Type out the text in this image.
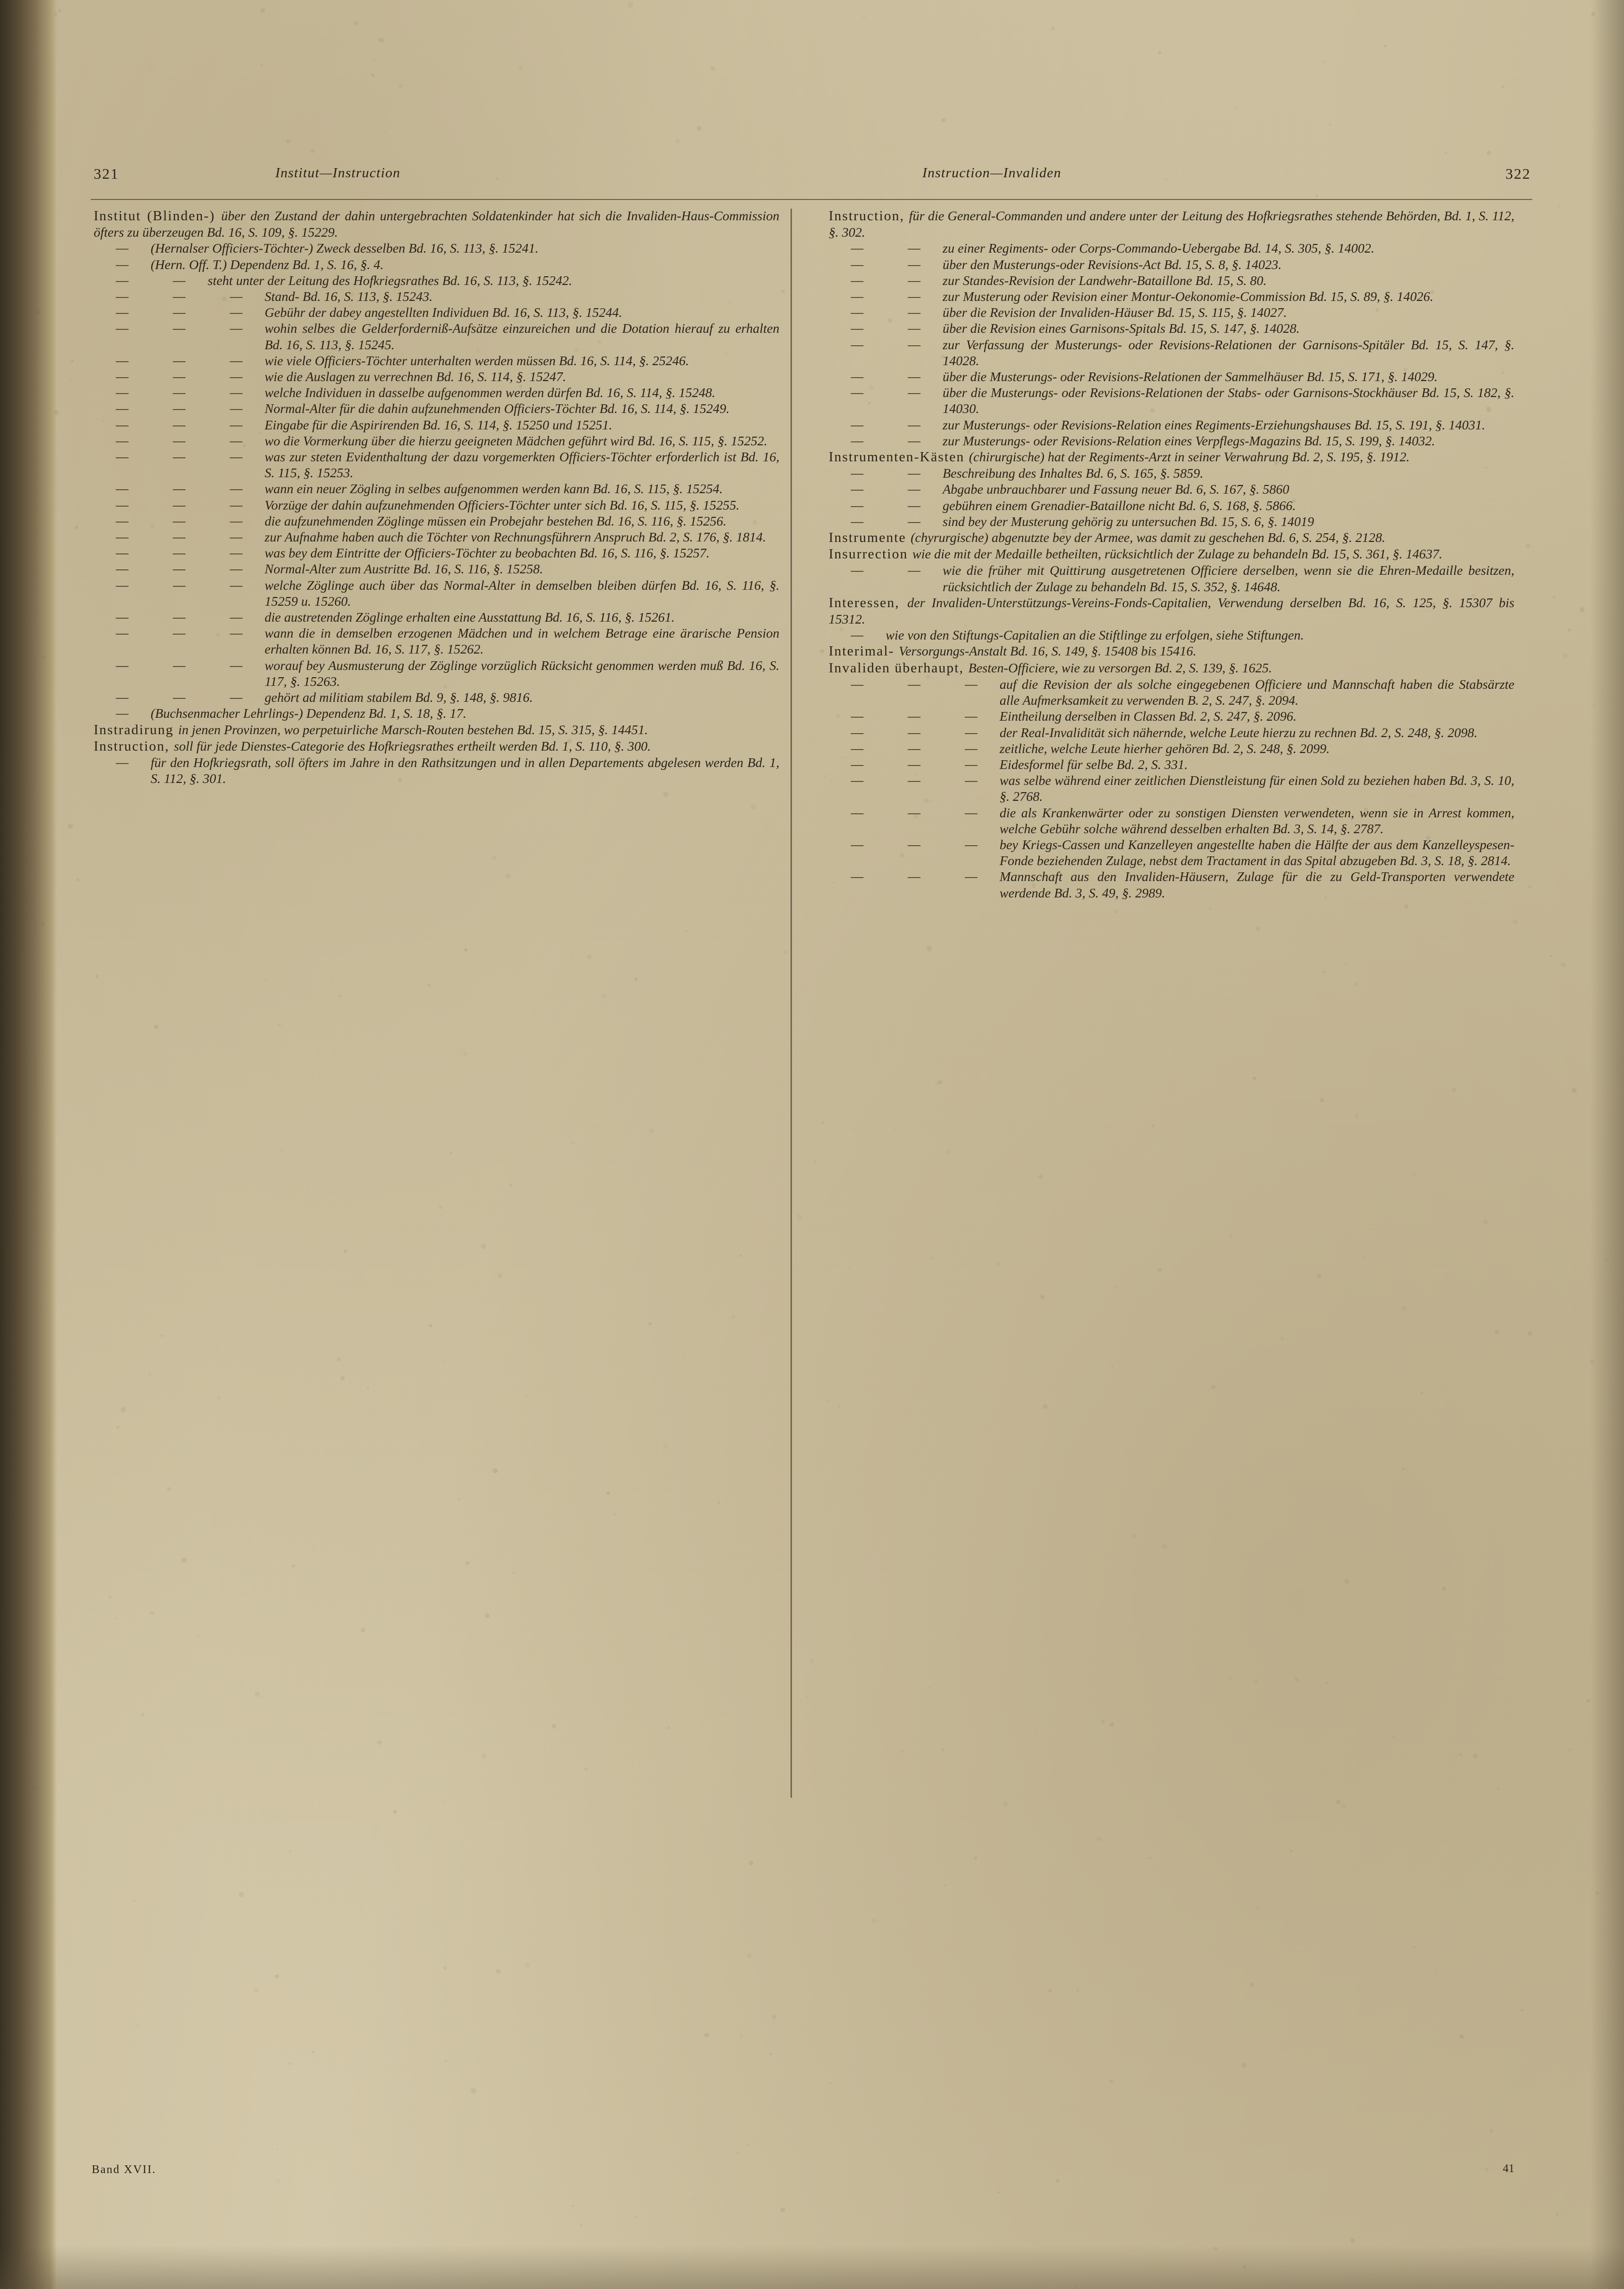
321	Institut—Instruction	Instruction—Invaliden	322
Institut (Blinden-) über den Zustand der dahin untergebrachten Soldatenkinder hat sich die Invaliden-Haus-Commission öfters zu überzeugen Bd. 16, S. 109, §. 15229.
—	(Hernalser Officiers-Töchter-) Zweck desselben Bd. 16, S. 113, §. 15241.
—	(Hern. Off. T.) Dependenz Bd. 1, S. 16, §. 4.
—	—	steht unter der Leitung des Hofkriegsrathes Bd. 16, S. 113, §. 15242.
—	—	—	Stand- Bd. 16, S. 113, §. 15243.
—	—	—	Gebühr der dabey angestellten Individuen Bd. 16, S. 113, §. 15244.
—	—	—	wohin selbes die Gelderforderniß-Aufsätze einzureichen und die Dotation hierauf zu erhalten Bd. 16, S. 113, §. 15245.
—	—	—	wie viele Officiers-Töchter unterhalten werden müssen Bd. 16, S. 114, §. 25246.
—	—	—	wie die Auslagen zu verrechnen Bd. 16, S. 114, §. 15247.
—	—	—	welche Individuen in dasselbe aufgenommen werden dürfen Bd. 16, S. 114, §. 15248.
—	—	—	Normal-Alter für die dahin aufzunehmenden Officiers-Töchter Bd. 16, S. 114, §. 15249.
—	—	—	Eingabe für die Aspirirenden Bd. 16, S. 114, §. 15250 und 15251.
—	—	—	wo die Vormerkung über die hierzu geeigneten Mädchen geführt wird Bd. 16, S. 115, §. 15252.
—	—	—	was zur steten Evidenthaltung der dazu vorgemerkten Officiers-Töchter erforderlich ist Bd. 16, S. 115, §. 15253.
—	—	—	wann ein neuer Zögling in selbes aufgenommen werden kann Bd. 16, S. 115, §. 15254.
—	—	—	Vorzüge der dahin aufzunehmenden Officiers-Töchter unter sich Bd. 16, S. 115, §. 15255.
—	—	—	die aufzunehmenden Zöglinge müssen ein Probejahr bestehen Bd. 16, S. 116, §. 15256.
—	—	—	zur Aufnahme haben auch die Töchter von Rechnungsführern Anspruch Bd. 2, S. 176, §. 1814.
—	—	—	was bey dem Eintritte der Officiers-Töchter zu beobachten Bd. 16, S. 116, §. 15257.
—	—	—	Normal-Alter zum Austritte Bd. 16, S. 116, §. 15258.
—	—	—	welche Zöglinge auch über das Normal-Alter in demselben bleiben dürfen Bd. 16, S. 116, §. 15259 u. 15260.
—	—	—	die austretenden Zöglinge erhalten eine Ausstattung Bd. 16, S. 116, §. 15261.
—	—	—	wann die in demselben erzogenen Mädchen und in welchem Betrage eine ärarische Pension erhalten können Bd. 16, S. 117, §. 15262.
—	—	—	worauf bey Ausmusterung der Zöglinge vorzüglich Rücksicht genommen werden muß Bd. 16, S. 117, §. 15263.
—	—	—	gehört ad militiam stabilem Bd. 9, §. 148, §. 9816.
—	(Buchsenmacher Lehrlings-) Dependenz Bd. 1, S. 18, §. 17.
Instradirung in jenen Provinzen, wo perpetuirliche Marsch-Routen bestehen Bd. 15, S. 315, §. 14451.
Instruction, soll für jede Dienstes-Categorie des Hofkriegsrathes ertheilt werden Bd. 1, S. 110, §. 300.
—	für den Hofkriegsrath, soll öfters im Jahre in den Rathsitzungen und in allen Departements abgelesen werden Bd. 1, S. 112, §. 301.
Instruction, für die General-Commanden und andere unter der Leitung des Hofkriegsrathes stehende Behörden, Bd. 1, S. 112, §. 302.
—	—	zu einer Regiments- oder Corps-Commando-Uebergabe Bd. 14, S. 305, §. 14002.
—	—	über den Musterungs-oder Revisions-Act Bd. 15, S. 8, §. 14023.
—	—	zur Standes-Revision der Landwehr-Bataillone Bd. 15, S. 80.
—	—	zur Musterung oder Revision einer Montur-Oekonomie-Commission Bd. 15, S. 89, §. 14026.
—	—	über die Revision der Invaliden-Häuser Bd. 15, S. 115, §. 14027.
—	—	über die Revision eines Garnisons-Spitals Bd. 15, S. 147, §. 14028.
—	—	zur Verfassung der Musterungs- oder Revisions-Relationen der Garnisons-Spitäler Bd. 15, S. 147, §. 14028.
—	—	über die Musterungs- oder Revisions-Relationen der Sammelhäuser Bd. 15, S. 171, §. 14029.
—	—	über die Musterungs- oder Revisions-Relationen der Stabs- oder Garnisons-Stockhäuser Bd. 15, S. 182, §. 14030.
—	—	zur Musterungs- oder Revisions-Relation eines Regiments-Erziehungshauses Bd. 15, S. 191, §. 14031.
—	—	zur Musterungs- oder Revisions-Relation eines Verpflegs-Magazins Bd. 15, S. 199, §. 14032.
Instrumenten-Kästen (chirurgische) hat der Regiments-Arzt in seiner Verwahrung Bd. 2, S. 195, §. 1912.
—	—	Beschreibung des Inhaltes Bd. 6, S. 165, §. 5859.
—	—	Abgabe unbrauchbarer und Fassung neuer Bd. 6, S. 167, §. 5860
—	—	gebühren einem Grenadier-Bataillone nicht Bd. 6, S. 168, §. 5866.
—	—	sind bey der Musterung gehörig zu untersuchen Bd. 15, S. 6, §. 14019
Instrumente (chyrurgische) abgenutzte bey der Armee, was damit zu geschehen Bd. 6, S. 254, §. 2128.
Insurrection wie die mit der Medaille betheilten, rücksichtlich der Zulage zu behandeln Bd. 15, S. 361, §. 14637.
—	—	wie die früher mit Quittirung ausgetretenen Officiere derselben, wenn sie die Ehren-Medaille besitzen, rücksichtlich der Zulage zu behandeln Bd. 15, S. 352, §. 14648.
Interessen, der Invaliden-Unterstützungs-Vereins-Fonds-Capitalien, Verwendung derselben Bd. 16, S. 125, §. 15307 bis 15312.
—	wie von den Stiftungs-Capitalien an die Stiftlinge zu erfolgen, siehe Stiftungen.
Interimal- Versorgungs-Anstalt Bd. 16, S. 149, §. 15408 bis 15416.
Invaliden überhaupt, Besten-Officiere, wie zu versorgen Bd. 2, S. 139, §. 1625.
—	—	—	auf die Revision der als solche eingegebenen Officiere und Mannschaft haben die Stabsärzte alle Aufmerksamkeit zu verwenden B. 2, S. 247, §. 2094.
—	—	—	Eintheilung derselben in Classen Bd. 2, S. 247, §. 2096.
—	—	—	der Real-Invalidität sich nähernde, welche Leute hierzu zu rechnen Bd. 2, S. 248, §. 2098.
—	—	—	zeitliche, welche Leute hierher gehören Bd. 2, S. 248, §. 2099.
—	—	—	Eidesformel für selbe Bd. 2, S. 331.
—	—	—	was selbe während einer zeitlichen Dienstleistung für einen Sold zu beziehen haben Bd. 3, S. 10, §. 2768.
—	—	—	die als Krankenwärter oder zu sonstigen Diensten verwendeten, wenn sie in Arrest kommen, welche Gebühr solche während desselben erhalten Bd. 3, S. 14, §. 2787.
—	—	—	bey Kriegs-Cassen und Kanzelleyen angestellte haben die Hälfte der aus dem Kanzelleyspesen-Fonde beziehenden Zulage, nebst dem Tractament in das Spital abzugeben Bd. 3, S. 18, §. 2814.
—	—	—	Mannschaft aus den Invaliden-Häusern, Zulage für die zu Geld-Transporten verwendete werdende Bd. 3, S. 49, §. 2989.
Band XVII.	41
